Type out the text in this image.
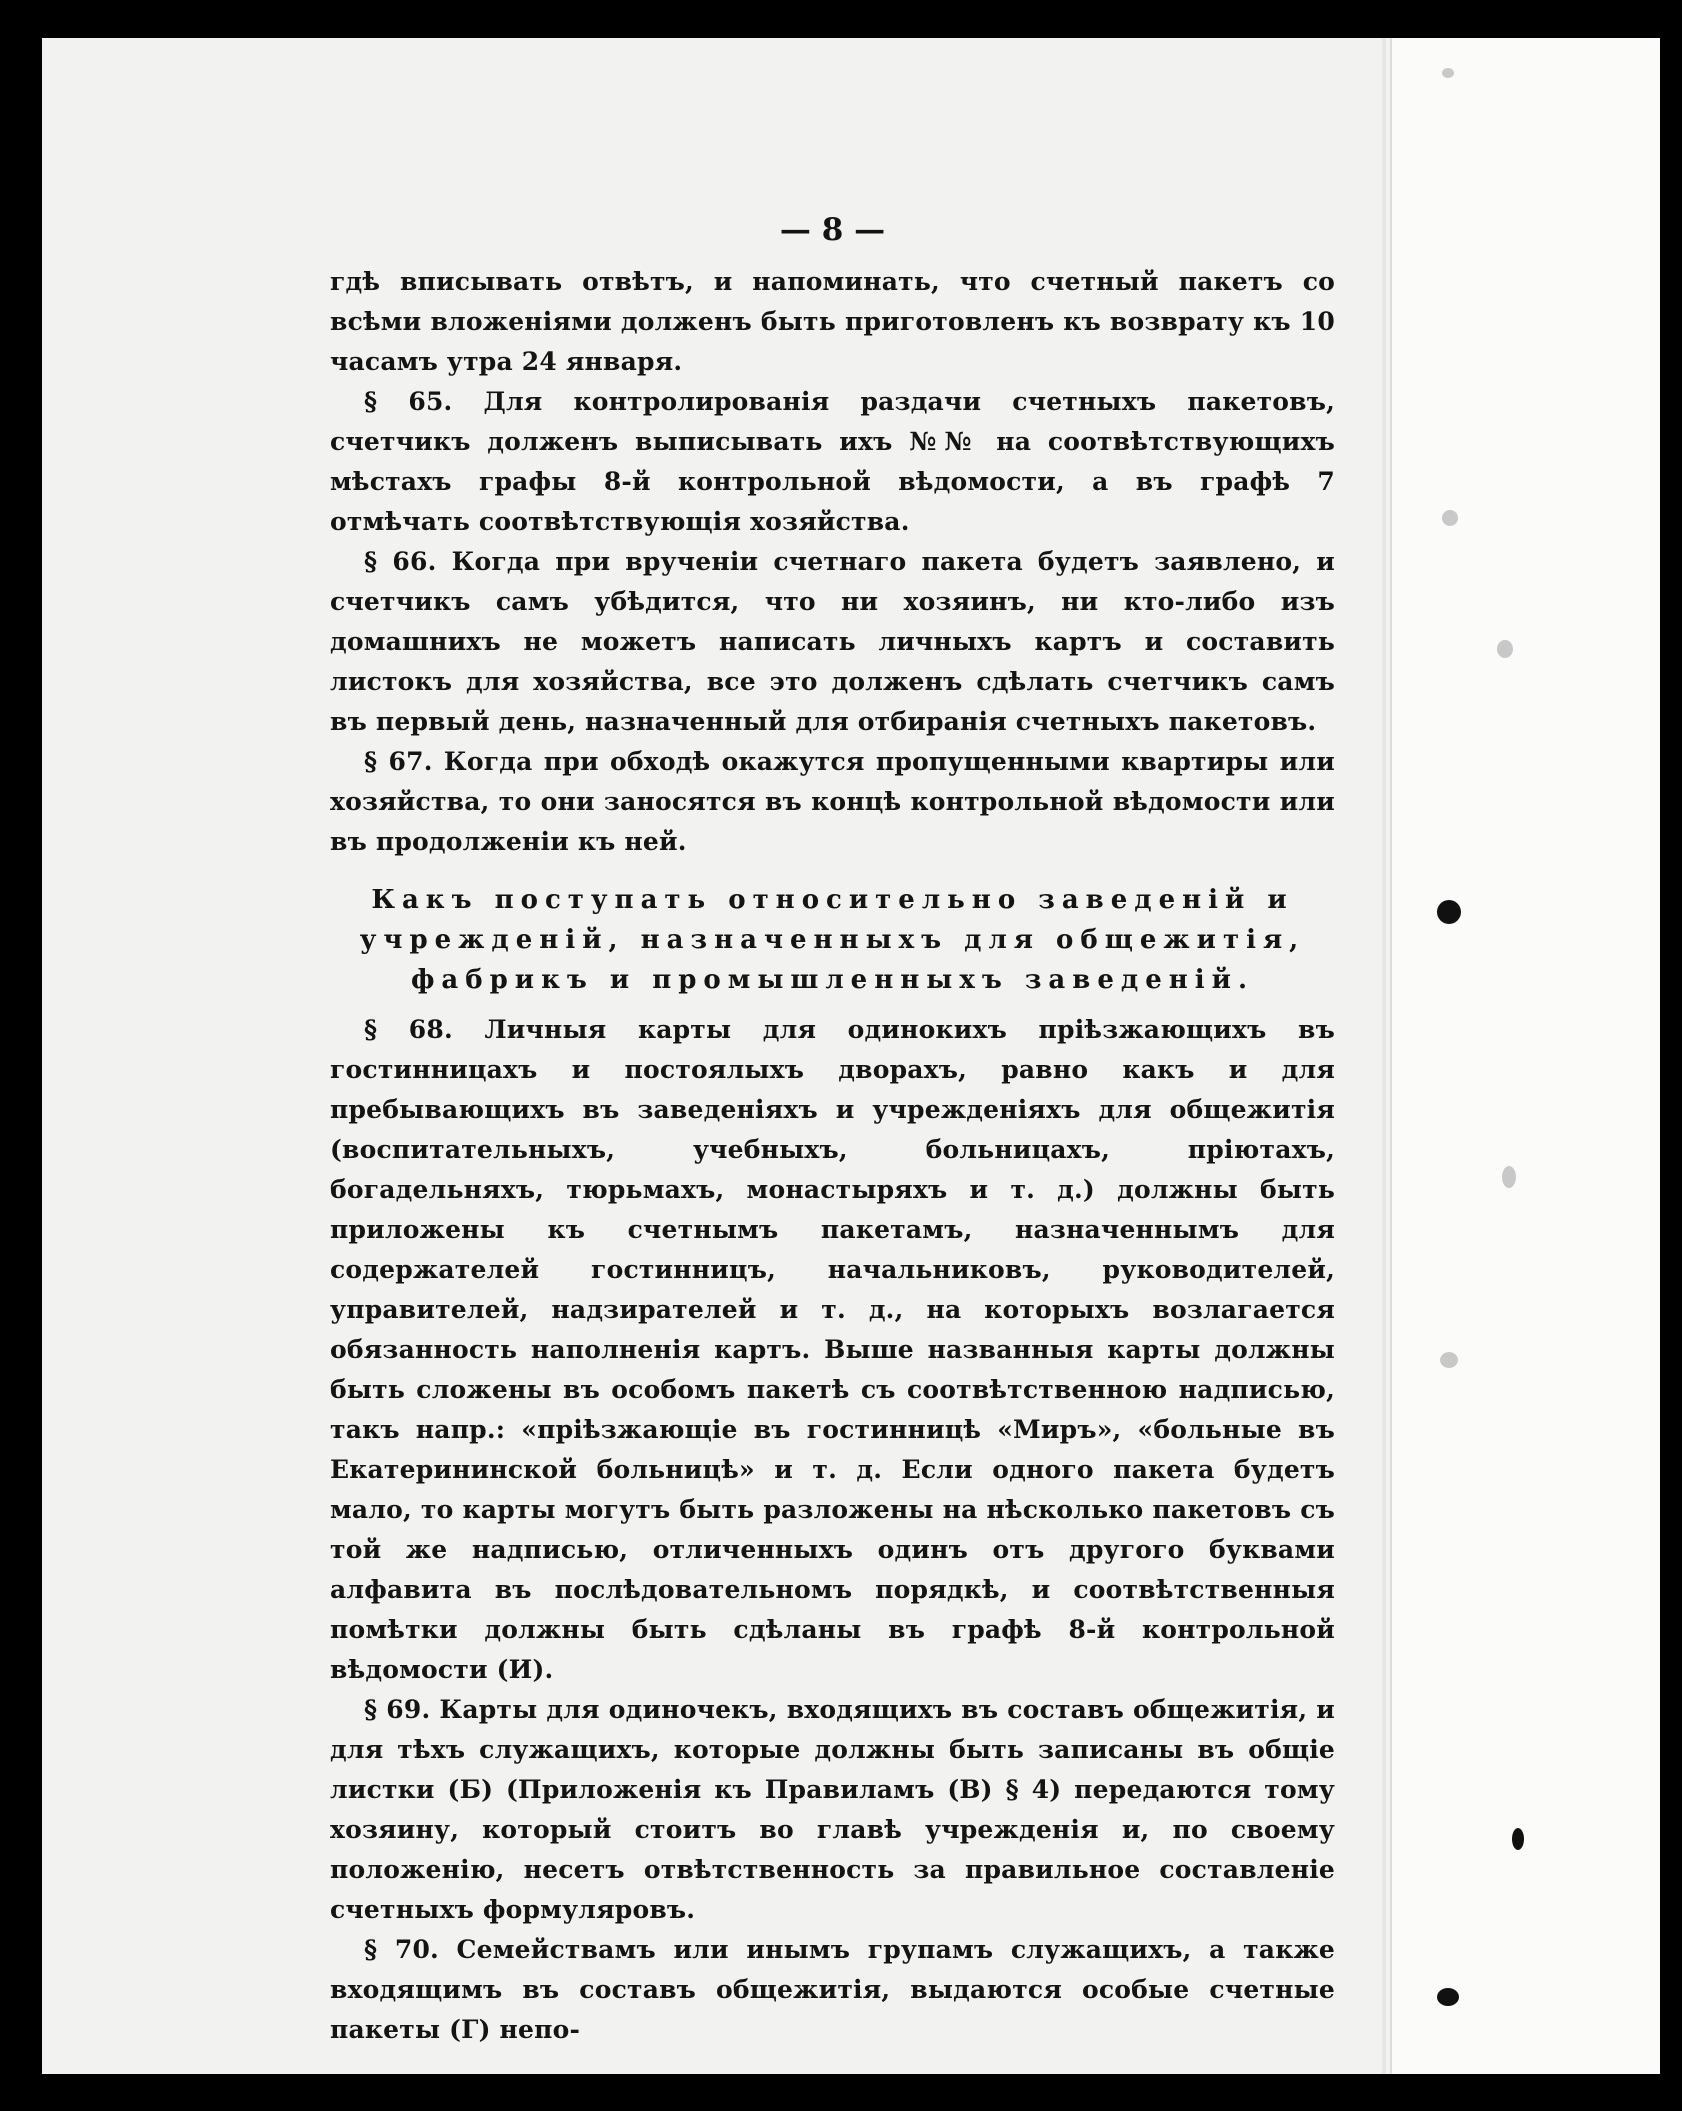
— 8 —

гдѣ вписывать отвѣтъ, и напоминать, что счетный пакетъ со всѣми вложеніями долженъ быть приготовленъ къ возврату къ 10 часамъ утра 24 января.

§ 65. Для контролированія раздачи счетныхъ пакетовъ, счетчикъ долженъ выписывать ихъ №№ на соотвѣтствующихъ мѣстахъ графы 8-й контрольной вѣдомости, а въ графѣ 7 отмѣчать соотвѣтствующія хозяйства.

§ 66. Когда при врученіи счетнаго пакета будетъ заявлено, и счетчикъ самъ убѣдится, что ни хозяинъ, ни кто-либо изъ домашнихъ не можетъ написать личныхъ картъ и составить листокъ для хозяйства, все это долженъ сдѣлать счетчикъ самъ въ первый день, назначенный для отбиранія счетныхъ пакетовъ.

§ 67. Когда при обходѣ окажутся пропущенными квартиры или хозяйства, то они заносятся въ концѣ контрольной вѣдомости или въ продолженіи къ ней.

Какъ поступать относительно заведеній и
учрежденій, назначенныхъ для общежитія,
фабрикъ и промышленныхъ заведеній.

§ 68. Личныя карты для одинокихъ пріѣзжающихъ въ гостинницахъ и постоялыхъ дворахъ, равно какъ и для пребывающихъ въ заведеніяхъ и учрежденіяхъ для общежитія (воспитательныхъ, учебныхъ, больницахъ, пріютахъ, богадельняхъ, тюрьмахъ, монастыряхъ и т. д.) должны быть приложены къ счетнымъ пакетамъ, назначеннымъ для содержателей гостинницъ, начальниковъ, руководителей, управителей, надзирателей и т. д., на которыхъ возлагается обязанность наполненія картъ. Выше названныя карты должны быть сложены въ особомъ пакетѣ съ соотвѣтственною надписью, такъ напр.: «пріѣзжающіе въ гостинницѣ «Миръ», «больные въ Екатерининской больницѣ» и т. д. Если одного пакета будетъ мало, то карты могутъ быть разложены на нѣсколько пакетовъ съ той же надписью, отличенныхъ одинъ отъ другого буквами алфавита въ послѣдовательномъ порядкѣ, и соотвѣтственныя помѣтки должны быть сдѣланы въ графѣ 8-й контрольной вѣдомости (И).

§ 69. Карты для одиночекъ, входящихъ въ составъ общежитія, и для тѣхъ служащихъ, которые должны быть записаны въ общіе листки (Б) (Приложенія къ Правиламъ (В) § 4) передаются тому хозяину, который стоитъ во главѣ учрежденія и, по своему положенію, несетъ отвѣтственность за правильное составленіе счетныхъ формуляровъ.

§ 70. Семействамъ или инымъ групамъ служащихъ, а также входящимъ въ составъ общежитія, выдаются особые счетные пакеты (Г) непо-
